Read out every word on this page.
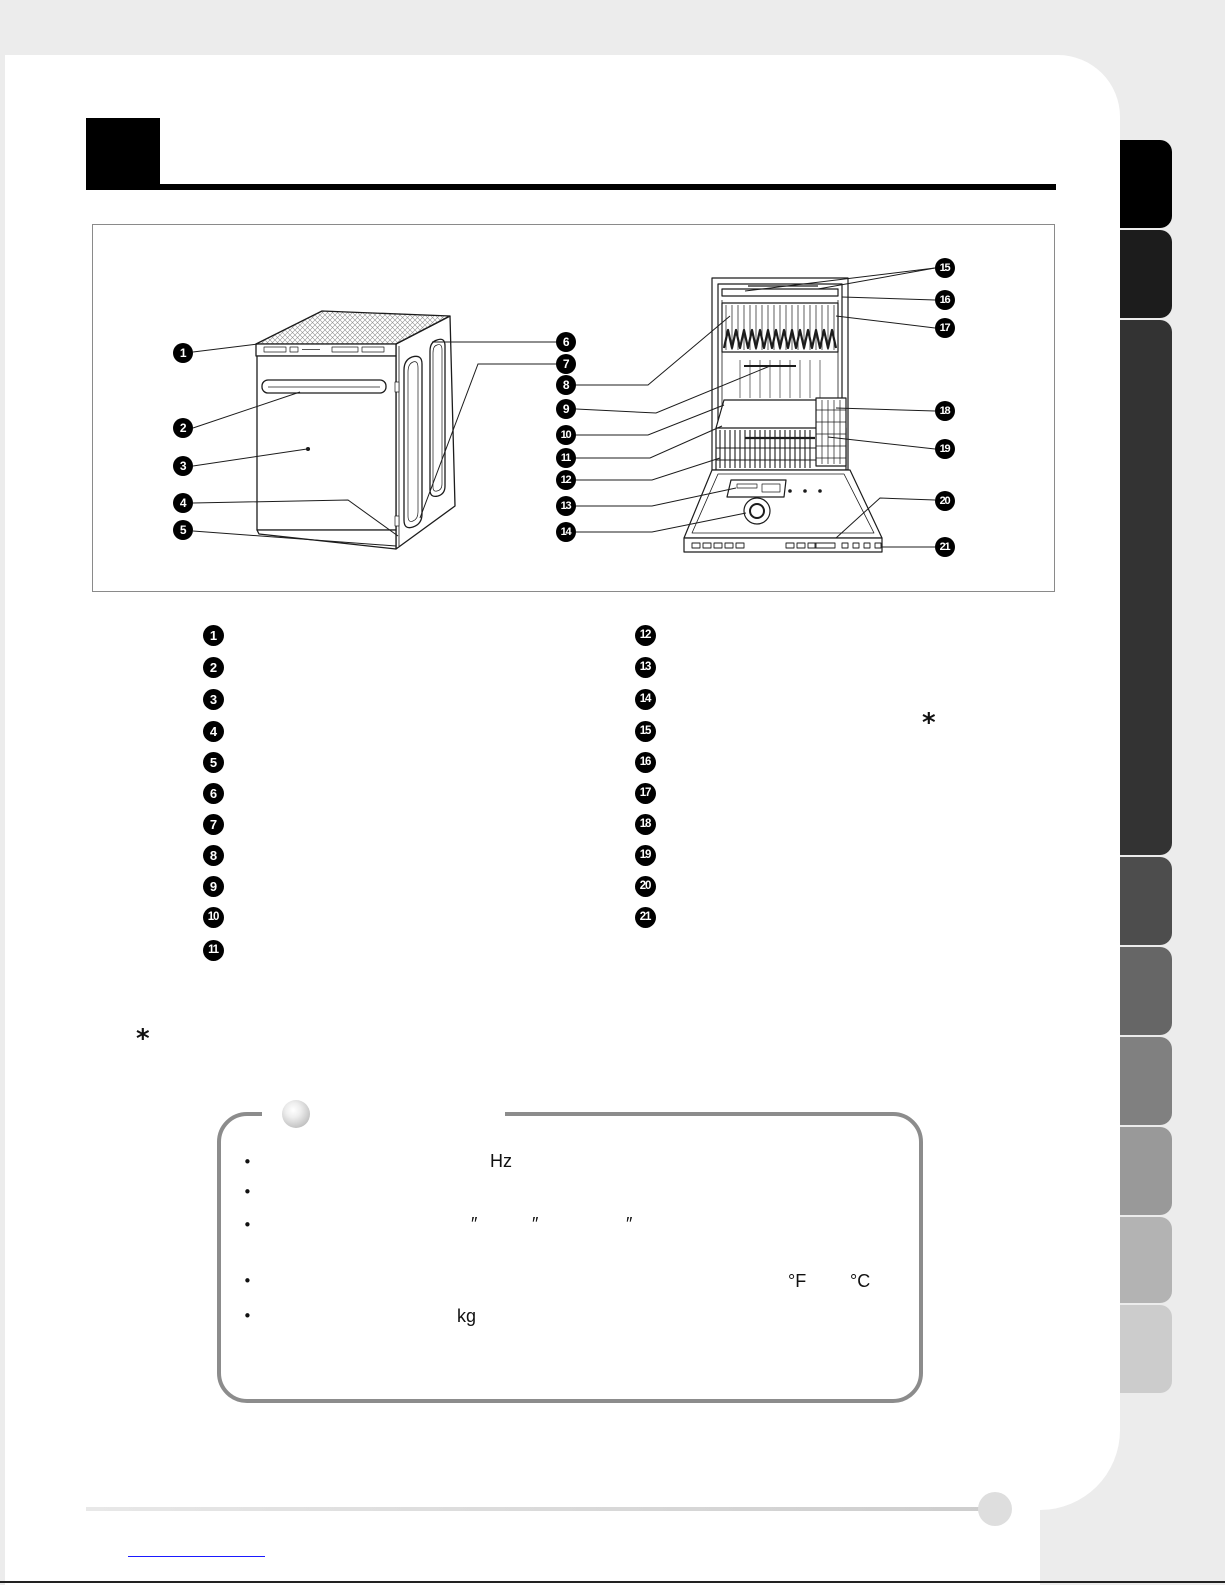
1
2
3
4
5
6
7
8
9
10
11
12
13
14
15
16
17
18
19
20
21
1
2
3
4
5
6
7
8
9
10
11
12
13
14
15
16
17
18
19
20
21
*
*
•
•
•
•
•
Hz
″	″	″
°F °C
kg
